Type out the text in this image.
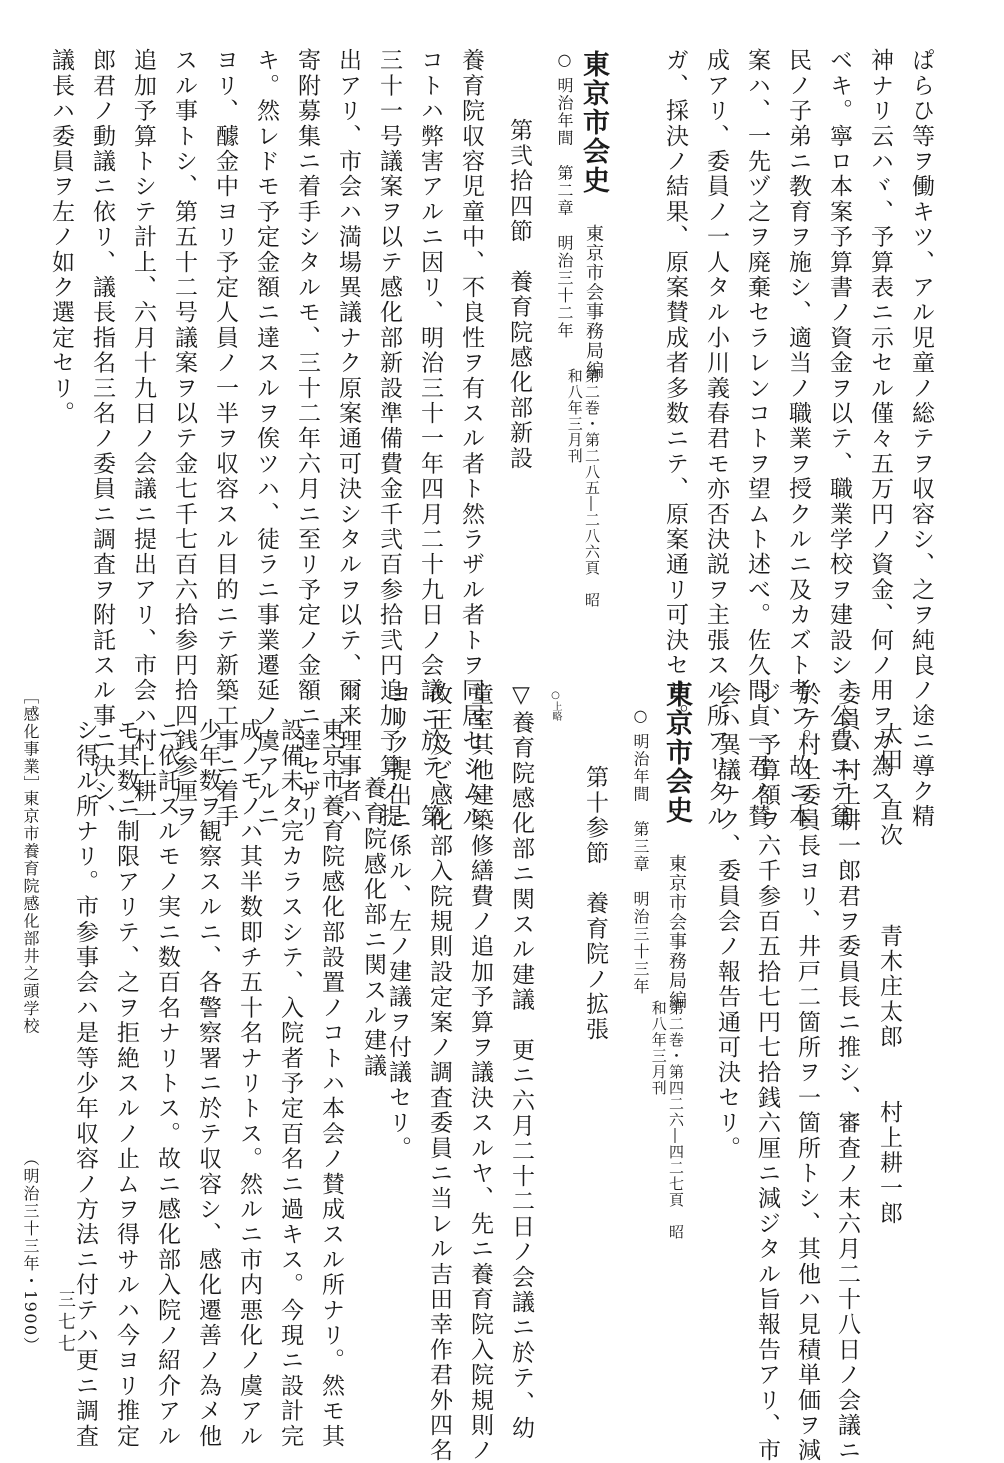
ぱらひ等ヲ働キツ、アル児童ノ総テヲ収容シ、之ヲ純良ノ途ニ導ク精
神ナリ云ハヾ、予算表ニ示セル僅々五万円ノ資金、何ノ用ヲカ為ス
ベキ。寧ロ本案予算書ノ資金ヲ以テ、職業学校ヲ建設シ、公費ニテ貧
民ノ子弟ニ教育ヲ施シ、適当ノ職業ヲ授クルニ及カズト考フ。故ニ本
案ハ、一先ヅ之ヲ廃棄セラレンコトヲ望ムト述べ。佐久間貞一君ノ賛
成アリ、委員ノ一人タル小川義春君モ亦否決説ヲ主張スル所アリタル
ガ、採決ノ結果、原案賛成者多数ニテ、原案通リ可決セリ。
東京市会史　東京市会事務局編
第二巻・第二八五―二八六頁　昭和八年三月刊
○ 明治年間　第二章　明治三十二年
第弐拾四節　養育院感化部新設
養育院収容児童中、不良性ヲ有スル者ト然ラザル者トヲ同居セシムル
コトハ弊害アルニ因リ、明治三十一年四月二十九日ノ会議ニ於テ、第
三十一号議案ヲ以テ感化部新設準備費金千弐百参拾弐円追加予算ノ提
出アリ、市会ハ満場異議ナク原案通可決シタルヲ以テ、爾来理事者ハ
寄附募集ニ着手シタルモ、三十二年六月ニ至リ予定ノ金額ニ達セザリ
キ。然レドモ予定金額ニ達スルヲ俟ツハ、徒ラニ事業遷延ノ虞アルニ
ヨリ、醵金中ヨリ予定人員ノ一半ヲ収容スル目的ニテ新築工事ニ着手
スル事トシ、第五十二号議案ヲ以テ金七千七百六拾参円拾四銭参厘ヲ
追加予算トシテ計上、六月十九日ノ会議ニ提出アリ、市会ハ村上耕一
郎君ノ動議ニ依リ、議長指名三名ノ委員ニ調査ヲ附託スル事ニ決シ、
議長ハ委員ヲ左ノ如ク選定セリ。
太田　直次　　　青木庄太郎　　村上耕一郎
委員ハ村上耕一郎君ヲ委員長ニ推シ、審査ノ末六月二十八日ノ会議ニ
於テ村上委員長ヨリ、井戸二箇所ヲ一箇所トシ、其他ハ見積単価ヲ減
ジ、予算額ヲ六千参百五拾七円七拾銭六厘ニ減ジタル旨報告アリ、市
会ハ異議ナク、委員会ノ報告通可決セリ。
東京市会史　東京市会事務局編
第二巻・第四二六―四二七頁　昭和八年三月刊
○ 明治年間　第三章　明治三十三年
第十参節　養育院ノ拡張
○上略
▽養育院感化部ニ関スル建議　更ニ六月二十二日ノ会議ニ於テ、幼
童室其他建築修繕費ノ追加予算ヲ議決スルヤ、先ニ養育院入院規則ノ
改正及ビ感化部入院規則設定案ノ調査委員ニ当レル吉田幸作君外四名
ヨリノ提出ニ係ル、左ノ建議ヲ付議セリ。
養育院感化部ニ関スル建議
東京市養育院感化部設置ノコトハ本会ノ賛成スル所ナリ。然モ其
設備未タ完カラスシテ、入院者予定百名ニ過キス。今現ニ設計完
成ノモノハ其半数即チ五十名ナリトス。然ルニ市内悪化ノ虞アル
少年数ヲ観察スルニ、各警察署ニ於テ収容シ、感化遷善ノ為メ他
ニ依託スルモノ実ニ数百名ナリトス。故ニ感化部入院ノ紹介アル
モ其数ニ制限アリテ、之ヲ拒絶スルノ止ムヲ得サルハ今ヨリ推定
シ得ル所ナリ。市参事会ハ是等少年収容ノ方法ニ付テハ更ニ調査
［感化事業］
東京市養育院感化部井之頭学校
（明治三十三年・1900） 三七七
